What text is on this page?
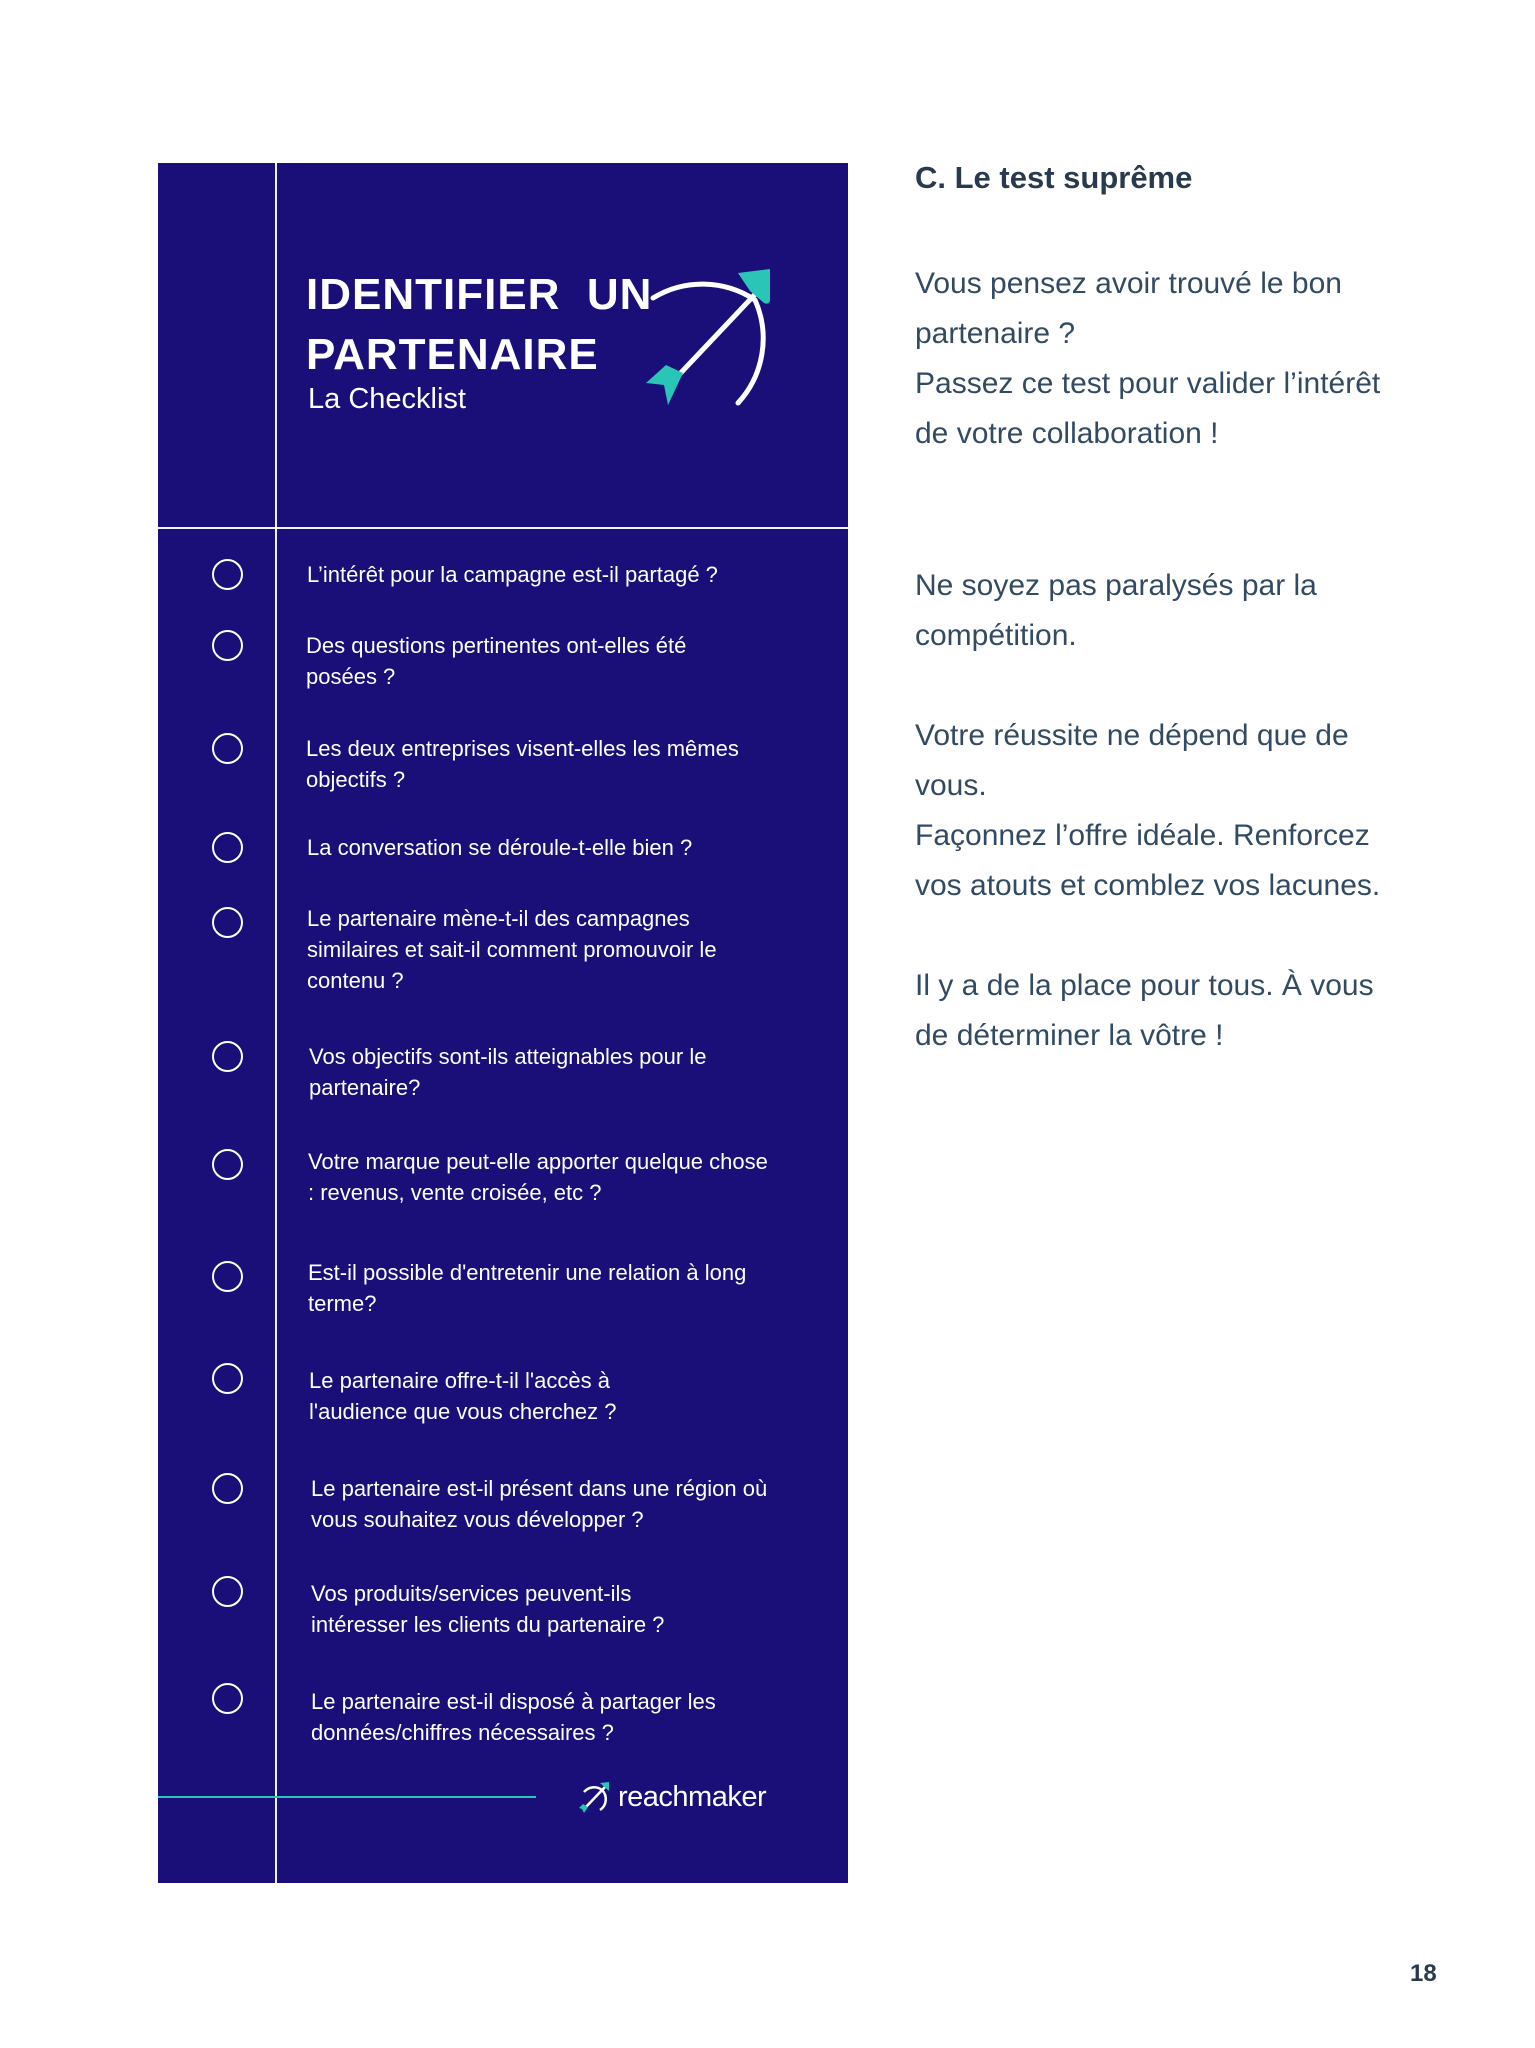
IDENTIFIER  UN
PARTENAIRE
La Checklist
L’intérêt pour la campagne est-il partagé ?
Des questions pertinentes ont-elles été posées ?
Les deux entreprises visent-elles les mêmes objectifs ?
La conversation se déroule-t-elle bien ?
Le partenaire mène-t-il des campagnes similaires et sait-il comment promouvoir le contenu ?
Vos objectifs sont-ils atteignables pour le partenaire?
Votre marque peut-elle apporter quelque chose : revenus, vente croisée, etc ?
Est-il possible d'entretenir une relation à long terme?
Le partenaire offre-t-il l'accès à l'audience que vous cherchez ?
Le partenaire est-il présent dans une région où vous souhaitez vous développer ?
Vos produits/services peuvent-ils intéresser les clients du partenaire ?
Le partenaire est-il disposé à partager les données/chiffres nécessaires ?
reachmaker
C. Le test suprême
Vous pensez avoir trouvé le bon partenaire ?
Passez ce test pour valider l’intérêt de votre collaboration !
Ne soyez pas paralysés par la compétition.
Votre réussite ne dépend que de vous.
Façonnez l’offre idéale. Renforcez vos atouts et comblez vos lacunes.
Il y a de la place pour tous. À vous de déterminer la vôtre !
18
